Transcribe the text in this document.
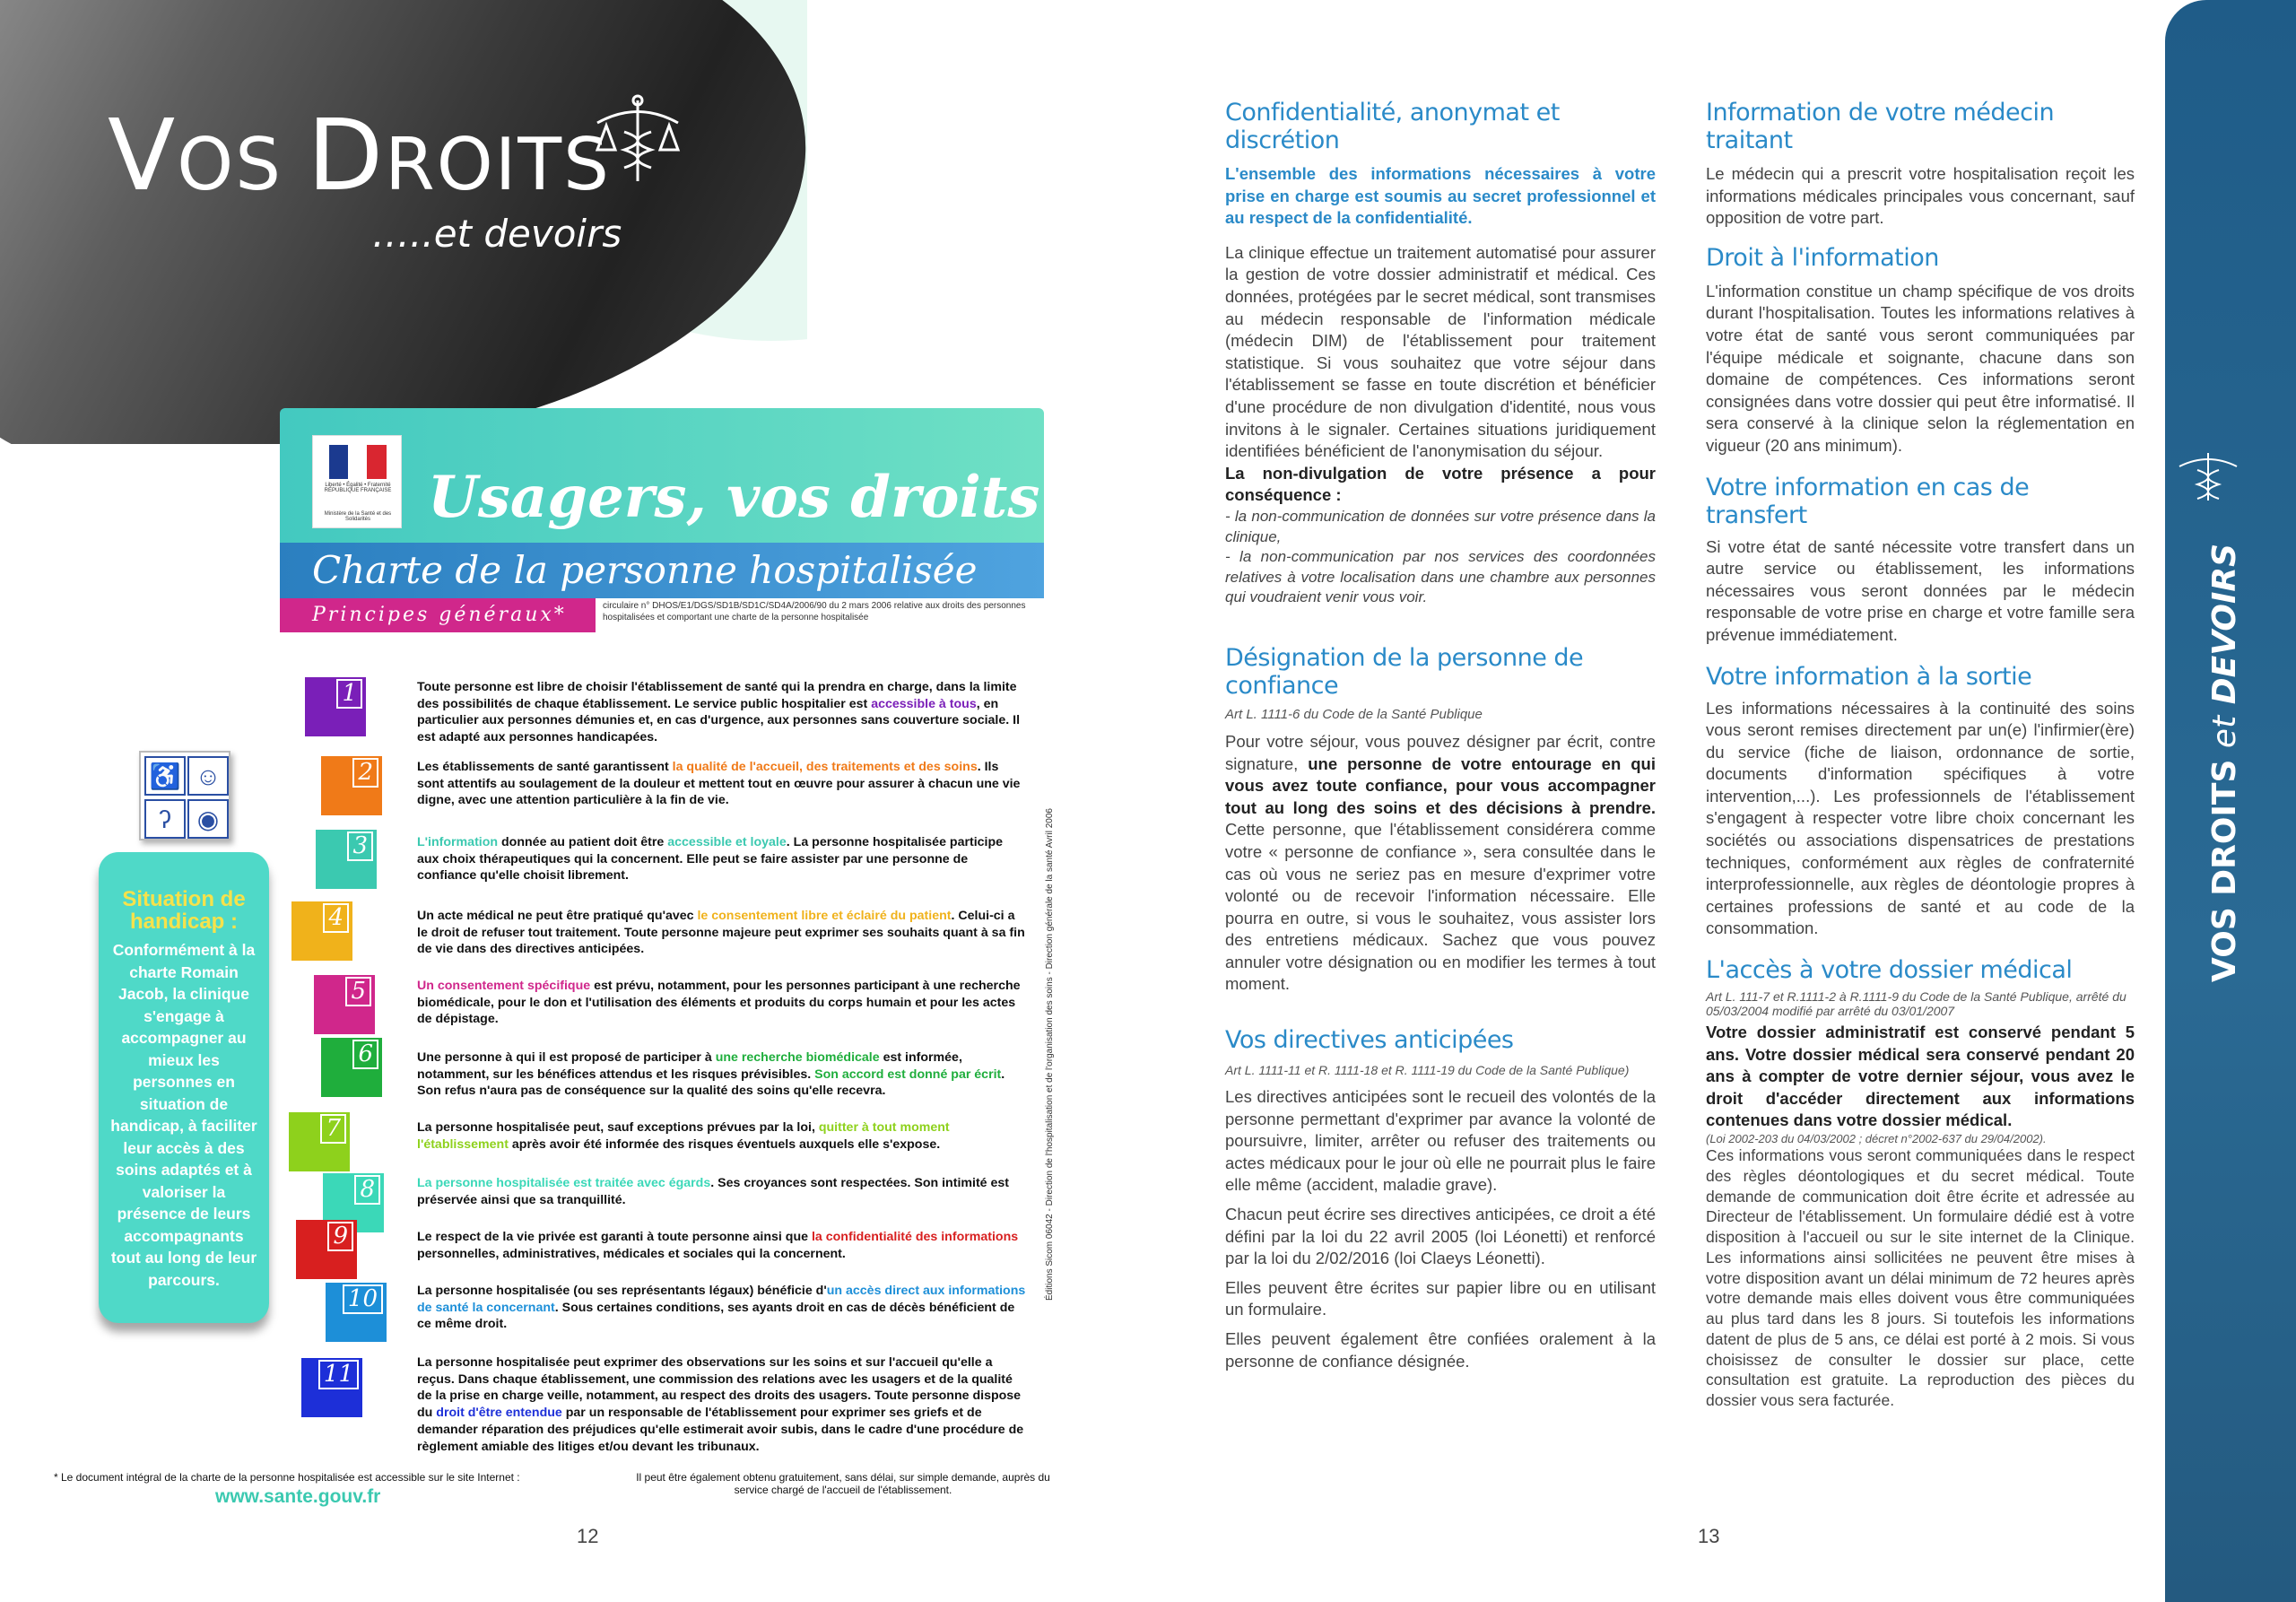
VOS DROITS
…..et devoirs
Liberté • Égalité • Fraternité
RÉPUBLIQUE FRANÇAISE
Ministère de la Santé et des Solidarités	Usagers, vos droits
Charte de la personne hospitalisée
Principes généraux*	circulaire n° DHOS/E1/DGS/SD1B/SD1C/SD4A/2006/90 du 2 mars 2006 relative aux droits des personnes hospitalisées et comportant une charte de la personne hospitalisée
1	Toute personne est libre de choisir l'établissement de santé qui la prendra en charge, dans la limite des possibilités de chaque établissement. Le service public hospitalier est accessible à tous, en particulier aux personnes démunies et, en cas d'urgence, aux personnes sans couverture sociale. Il est adapté aux personnes handicapées.
2	Les établissements de santé garantissent la qualité de l'accueil, des traitements et des soins. Ils sont attentifs au soulagement de la douleur et mettent tout en œuvre pour assurer à chacun une vie digne, avec une attention particulière à la fin de vie.
3	L'information donnée au patient doit être accessible et loyale. La personne hospitalisée participe aux choix thérapeutiques qui la concernent. Elle peut se faire assister par une personne de confiance qu'elle choisit librement.
4	Un acte médical ne peut être pratiqué qu'avec le consentement libre et éclairé du patient. Celui-ci a le droit de refuser tout traitement. Toute personne majeure peut exprimer ses souhaits quant à sa fin de vie dans des directives anticipées.
5	Un consentement spécifique est prévu, notamment, pour les personnes participant à une recherche biomédicale, pour le don et l'utilisation des éléments et produits du corps humain et pour les actes de dépistage.
6	Une personne à qui il est proposé de participer à une recherche biomédicale est informée, notamment, sur les bénéfices attendus et les risques prévisibles. Son accord est donné par écrit. Son refus n'aura pas de conséquence sur la qualité des soins qu'elle recevra.
7	La personne hospitalisée peut, sauf exceptions prévues par la loi, quitter à tout moment l'établissement après avoir été informée des risques éventuels auxquels elle s'expose.
8	La personne hospitalisée est traitée avec égards. Ses croyances sont respectées. Son intimité est préservée ainsi que sa tranquillité.
9	Le respect de la vie privée est garanti à toute personne ainsi que la confidentialité des informations personnelles, administratives, médicales et sociales qui la concernent.
10	La personne hospitalisée (ou ses représentants légaux) bénéficie d'un accès direct aux informations de santé la concernant. Sous certaines conditions, ses ayants droit en cas de décès bénéficient de ce même droit.
11	La personne hospitalisée peut exprimer des observations sur les soins et sur l'accueil qu'elle a reçus. Dans chaque établissement, une commission des relations avec les usagers et de la qualité de la prise en charge veille, notamment, au respect des droits des usagers. Toute personne dispose du droit d'être entendue par un responsable de l'établissement pour exprimer ses griefs et de demander réparation des préjudices qu'elle estimerait avoir subis, dans le cadre d'une procédure de règlement amiable des litiges et/ou devant les tribunaux.
♿ ☺
ʔ	◉
Situation de handicap :
Conformément à la charte Romain Jacob, la clinique s'engage à accompagner au mieux les personnes en situation de handicap, à faciliter leur accès à des soins adaptés et à valoriser la présence de leurs accompagnants tout au long de leur parcours.	Éditions Sicom 06042 - Direction de l'hospitalisation et de l'organisation des soins - Direction générale de la santé Avril 2006
* Le document intégral de la charte de la personne hospitalisée est accessible sur le site Internet :
www.sante.gouv.fr
Il peut être également obtenu gratuitement, sans délai, sur simple demande, auprès du service chargé de l'accueil de l'établissement.
12	13
Confidentialité, anonymat et discrétion
L'ensemble des informations nécessaires à votre prise en charge est soumis au secret professionnel et au respect de la confidentialité.
La clinique effectue un traitement automatisé pour assurer la gestion de votre dossier administratif et médical. Ces données, protégées par le secret médical, sont transmises au médecin responsable de l'information médicale (médecin DIM) de l'établissement pour traitement statistique. Si vous souhaitez que votre séjour dans l'établissement se fasse en toute discrétion et bénéficier d'une procédure de non divulgation d'identité, nous vous invitons à le signaler. Certaines situations juridiquement identifiées bénéficient de l'anonymisation du séjour.
La non-divulgation de votre présence a pour conséquence :
- la non-communication de données sur votre présence dans la clinique,
- la non-communication par nos services des coordonnées relatives à votre localisation dans une chambre aux personnes qui voudraient venir vous voir.
Désignation de la personne de confiance
Art L. 1111-6 du Code de la Santé Publique
Pour votre séjour, vous pouvez désigner par écrit, contre signature, une personne de votre entourage en qui vous avez toute confiance, pour vous accompagner tout au long des soins et des décisions à prendre. Cette personne, que l'établissement considérera comme votre « personne de confiance », sera consultée dans le cas où vous ne seriez pas en mesure d'exprimer votre volonté ou de recevoir l'information nécessaire. Elle pourra en outre, si vous le souhaitez, vous assister lors des entretiens médicaux. Sachez que vous pouvez annuler votre désignation ou en modifier les termes à tout moment.
Vos directives anticipées
Art L. 1111-11 et R. 1111-18 et R. 1111-19 du Code de la Santé Publique)
Les directives anticipées sont le recueil des volontés de la personne permettant d'exprimer par avance la volonté de poursuivre, limiter, arrêter ou refuser des traitements ou actes médicaux pour le jour où elle ne pourrait plus le faire elle même (accident, maladie grave).
Chacun peut écrire ses directives anticipées, ce droit a été défini par la loi du 22 avril 2005 (loi Léonetti) et renforcé par la loi du 2/02/2016 (loi Claeys Léonetti).
Elles peuvent être écrites sur papier libre ou en utilisant un formulaire.
Elles peuvent également être confiées oralement à la personne de confiance désignée.
Information de votre médecin traitant
Le médecin qui a prescrit votre hospitalisation reçoit les informations médicales principales vous concernant, sauf opposition de votre part.
Droit à l'information
L'information constitue un champ spécifique de vos droits durant l'hospitalisation. Toutes les informations relatives à votre état de santé vous seront communiquées par l'équipe médicale et soignante, chacune dans son domaine de compétences. Ces informations seront consignées dans votre dossier qui peut être informatisé. Il sera conservé à la clinique selon la réglementation en vigueur (20 ans minimum).
Votre information en cas de transfert
Si votre état de santé nécessite votre transfert dans un autre service ou établissement, les informations nécessaires vous seront données par le médecin responsable de votre prise en charge et votre famille sera prévenue immédiatement.
Votre information à la sortie
Les informations nécessaires à la continuité des soins vous seront remises directement par un(e) l'infirmier(ère) du service (fiche de liaison, ordonnance de sortie, documents d'information spécifiques à votre intervention,...). Les professionnels de l'établissement s'engagent à respecter votre libre choix concernant les sociétés ou associations dispensatrices de prestations techniques, conformément aux règles de confraternité interprofessionnelle, aux règles de déontologie propres à certaines professions de santé et au code de la consommation.
L'accès à votre dossier médical
Art L. 111-7 et R.1111-2 à R.1111-9 du Code de la Santé Publique, arrêté du 05/03/2004 modifié par arrêté du 03/01/2007
Votre dossier administratif est conservé pendant 5 ans. Votre dossier médical sera conservé pendant 20 ans à compter de votre dernier séjour, vous avez le droit d'accéder directement aux informations contenues dans votre dossier médical.
(Loi 2002-203 du 04/03/2002 ; décret n°2002-637 du 29/04/2002).
Ces informations vous seront communiquées dans le respect des règles déontologiques et du secret médical. Toute demande de communication doit être écrite et adressée au Directeur de l'établissement. Un formulaire dédié est à votre disposition à l'accueil ou sur le site internet de la Clinique. Les informations ainsi sollicitées ne peuvent être mises à votre disposition avant un délai minimum de 72 heures après votre demande mais elles doivent vous être communiquées au plus tard dans les 8 jours. Si toutefois les informations datent de plus de 5 ans, ce délai est porté à 2 mois. Si vous choisissez de consulter le dossier sur place, cette consultation est gratuite. La reproduction des pièces du dossier vous sera facturée.
VOS DROITS et DEVOIRS
